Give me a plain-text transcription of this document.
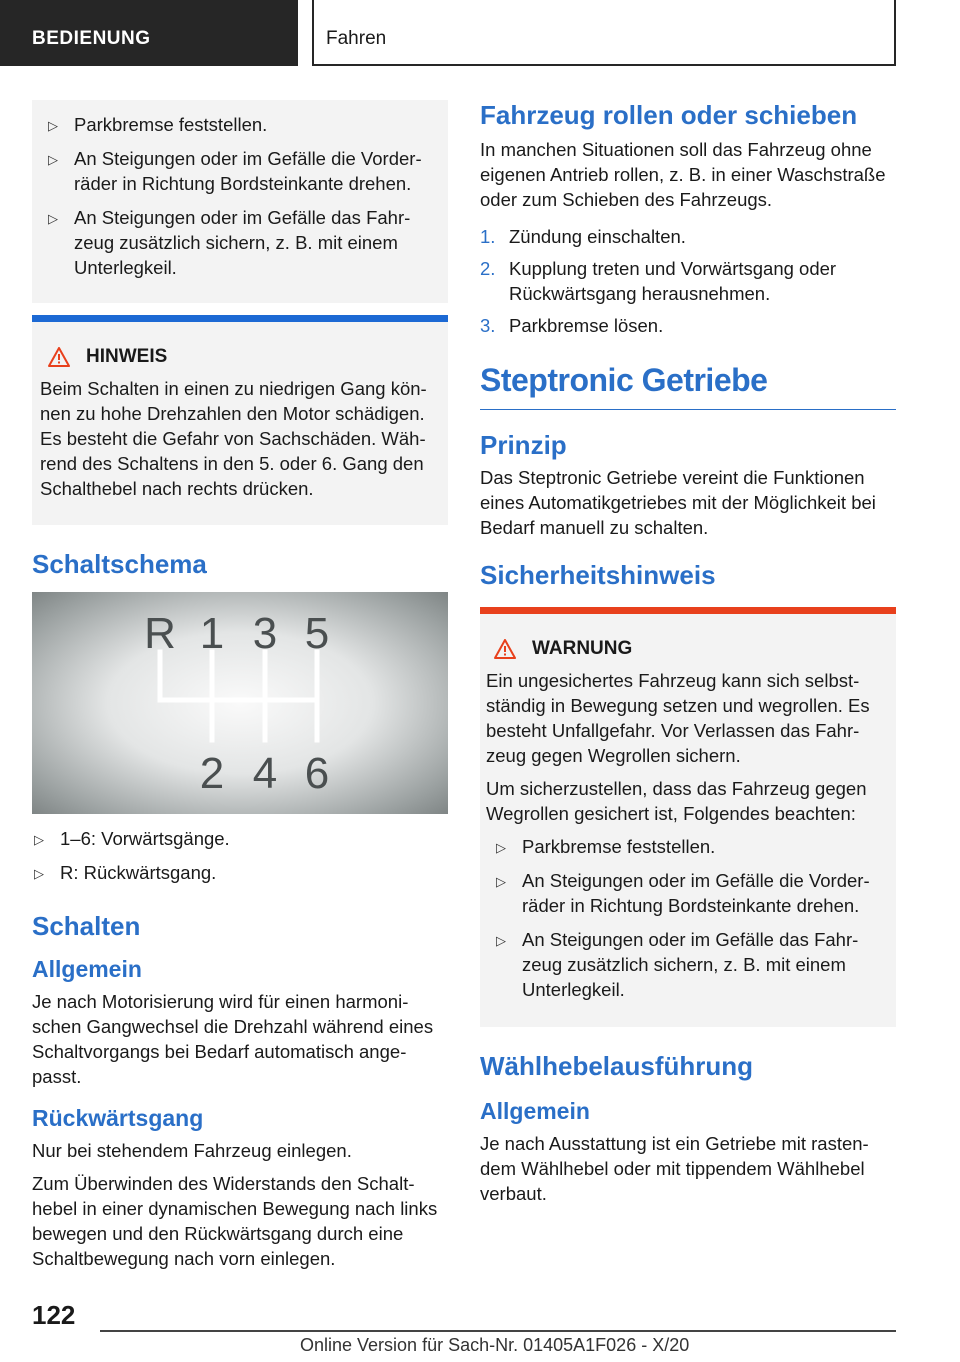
BEDIENUNG	Fahren
▷ Parkbremse feststellen.
▷ An Steigungen oder im Gefälle die Vorderräder in Richtung Bordsteinkante drehen.
▷ An Steigungen oder im Gefälle das Fahrzeug zusätzlich sichern, z. B. mit einem Unterlegkeil.
HINWEIS

Beim Schalten in einen zu niedrigen Gang können zu hohe Drehzahlen den Motor schädigen. Es besteht die Gefahr von Sachschäden. Während des Schaltens in den 5. oder 6. Gang den Schalthebel nach rechts drücken.

Schaltschema
R 1 3 5
2 4 6
▷ 1–6: Vorwärtsgänge.
▷ R: Rückwärtsgang.
Schalten
Allgemein

Je nach Motorisierung wird für einen harmonischen Gangwechsel die Drehzahl während eines Schaltvorgangs bei Bedarf automatisch angepasst.

Rückwärtsgang

Nur bei stehendem Fahrzeug einlegen.

Zum Überwinden des Widerstands den Schalthebel in einer dynamischen Bewegung nach links bewegen und den Rückwärtsgang durch eine Schaltbewegung nach vorn einlegen.

Fahrzeug rollen oder schieben

In manchen Situationen soll das Fahrzeug ohne eigenen Antrieb rollen, z. B. in einer Waschstraße oder zum Schieben des Fahrzeugs.

1. Zündung einschalten.
2. Kupplung treten und Vorwärtsgang oder Rückwärtsgang herausnehmen.
3. Parkbremse lösen.
Steptronic Getriebe
Prinzip

Das Steptronic Getriebe vereint die Funktionen eines Automatikgetriebes mit der Möglichkeit bei Bedarf manuell zu schalten.

Sicherheitshinweis
WARNUNG

Ein ungesichertes Fahrzeug kann sich selbstständig in Bewegung setzen und wegrollen. Es besteht Unfallgefahr. Vor Verlassen das Fahrzeug gegen Wegrollen sichern.

Um sicherzustellen, dass das Fahrzeug gegen Wegrollen gesichert ist, Folgendes beachten:

▷ Parkbremse feststellen.
▷ An Steigungen oder im Gefälle die Vorderräder in Richtung Bordsteinkante drehen.
▷ An Steigungen oder im Gefälle das Fahrzeug zusätzlich sichern, z. B. mit einem Unterlegkeil.
Wählhebelausführung
Allgemein

Je nach Ausstattung ist ein Getriebe mit rastendem Wählhebel oder mit tippendem Wählhebel verbaut.

122
Online Version für Sach-Nr. 01405A1F026 - X/20
